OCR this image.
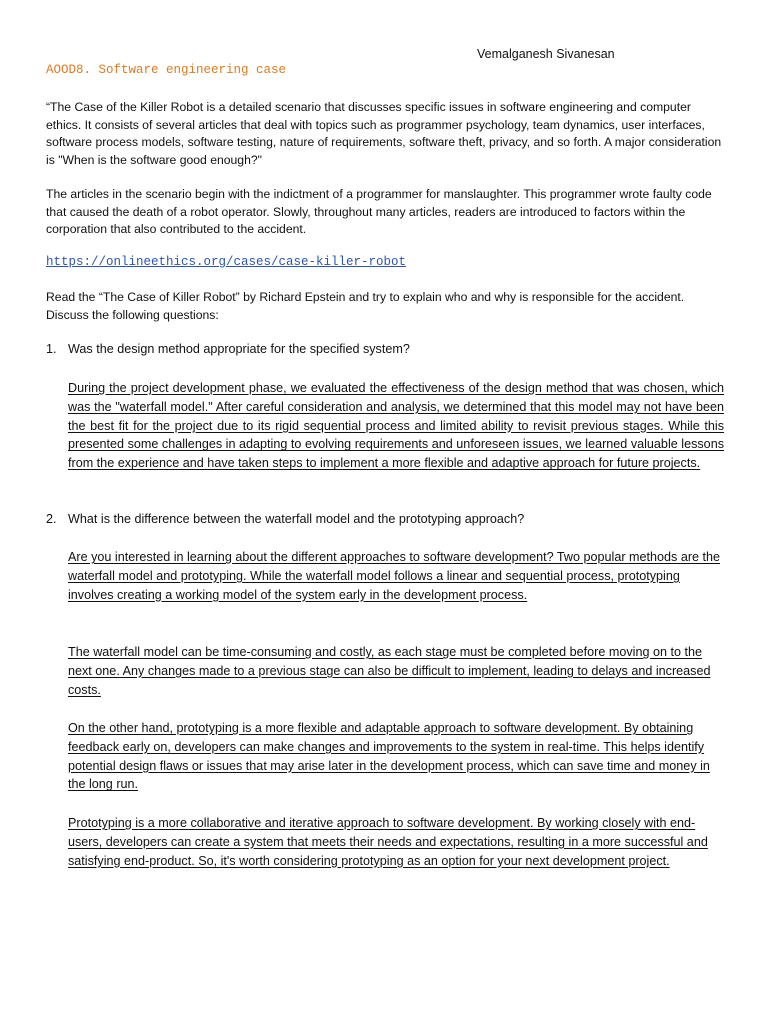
Vemalganesh Sivanesan
AOOD8. Software engineering case

“The Case of the Killer Robot is a detailed scenario that discusses specific issues in software engineering and computer ethics. It consists of several articles that deal with topics such as programmer psychology, team dynamics, user interfaces, software process models, software testing, nature of requirements, software theft, privacy, and so forth. A major consideration is "When is the software good enough?"

The articles in the scenario begin with the indictment of a programmer for manslaughter. This programmer wrote faulty code that caused the death of a robot operator. Slowly, throughout many articles, readers are introduced to factors within the corporation that also contributed to the accident.

https://onlineethics.org/cases/case-killer-robot

Read the “The Case of Killer Robot” by Richard Epstein and try to explain who and why is responsible for the accident. Discuss the following questions:

1. Was the design method appropriate for the specified system?

During the project development phase, we evaluated the effectiveness of the design method that was chosen, which was the "waterfall model." After careful consideration and analysis, we determined that this model may not have been the best fit for the project due to its rigid sequential process and limited ability to revisit previous stages. While this presented some challenges in adapting to evolving requirements and unforeseen issues, we learned valuable lessons from the experience and have taken steps to implement a more flexible and adaptive approach for future projects.

2. What is the difference between the waterfall model and the prototyping approach?

Are you interested in learning about the different approaches to software development? Two popular methods are the waterfall model and prototyping. While the waterfall model follows a linear and sequential process, prototyping involves creating a working model of the system early in the development process.

The waterfall model can be time-consuming and costly, as each stage must be completed before moving on to the next one. Any changes made to a previous stage can also be difficult to implement, leading to delays and increased costs.

On the other hand, prototyping is a more flexible and adaptable approach to software development. By obtaining feedback early on, developers can make changes and improvements to the system in real-time. This helps identify potential design flaws or issues that may arise later in the development process, which can save time and money in the long run.

Prototyping is a more collaborative and iterative approach to software development. By working closely with end-users, developers can create a system that meets their needs and expectations, resulting in a more successful and satisfying end-product. So, it's worth considering prototyping as an option for your next development project.
